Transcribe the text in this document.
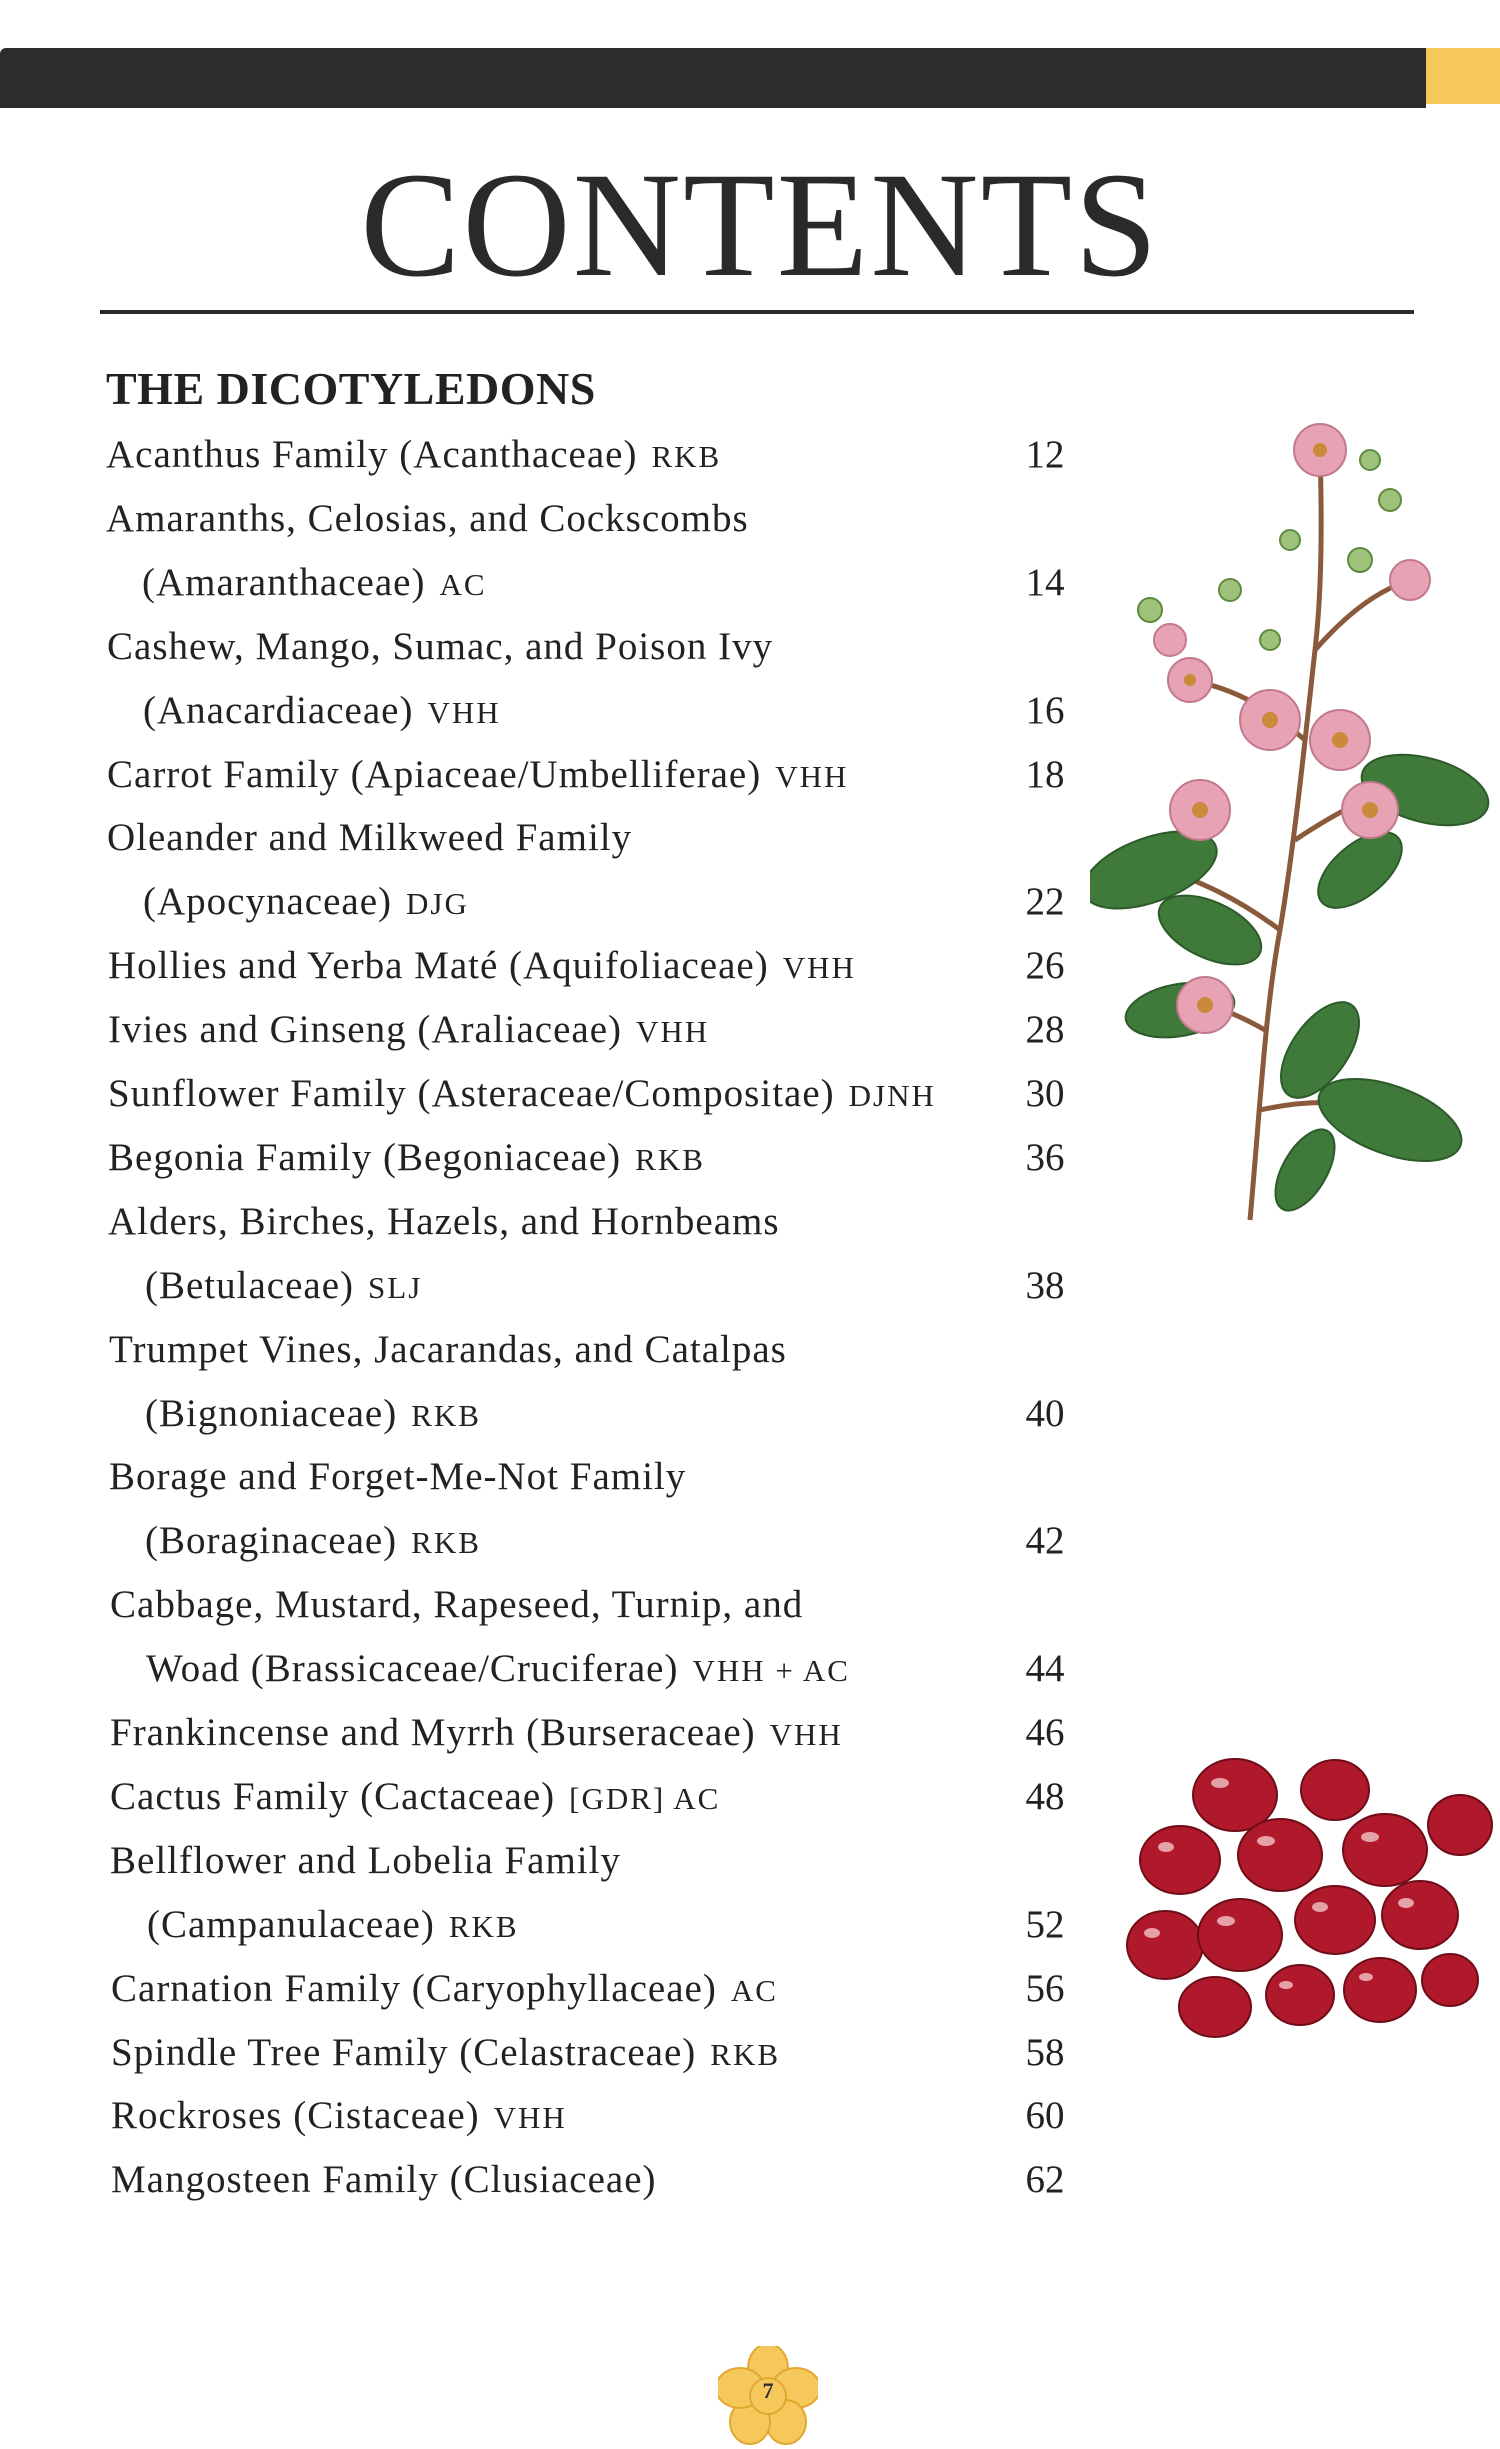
CONTENTS
THE DICOTYLEDONS
Acanthus Family (Acanthaceae) RKB	12
Amaranths, Celosias, and Cockscombs
(Amaranthaceae) AC	14
Cashew, Mango, Sumac, and Poison Ivy
(Anacardiaceae) VHH	16
Carrot Family (Apiaceae/Umbelliferae) VHH	18
Oleander and Milkweed Family
(Apocynaceae) DJG	22
Hollies and Yerba Maté (Aquifoliaceae) VHH	26
Ivies and Ginseng (Araliaceae) VHH	28
Sunflower Family (Asteraceae/Compositae) DJNH	30
Begonia Family (Begoniaceae) RKB	36
Alders, Birches, Hazels, and Hornbeams
(Betulaceae) SLJ	38
Trumpet Vines, Jacarandas, and Catalpas
(Bignoniaceae) RKB	40
Borage and Forget-Me-Not Family
(Boraginaceae) RKB	42
Cabbage, Mustard, Rapeseed, Turnip, and
Woad (Brassicaceae/Cruciferae) VHH + AC	44
Frankincense and Myrrh (Burseraceae) VHH	46
Cactus Family (Cactaceae) [GDR] AC	48
Bellflower and Lobelia Family
(Campanulaceae) RKB	52
Carnation Family (Caryophyllaceae) AC	56
Spindle Tree Family (Celastraceae) RKB	58
Rockroses (Cistaceae) VHH	60
Mangosteen Family (Clusiaceae)	62
7
